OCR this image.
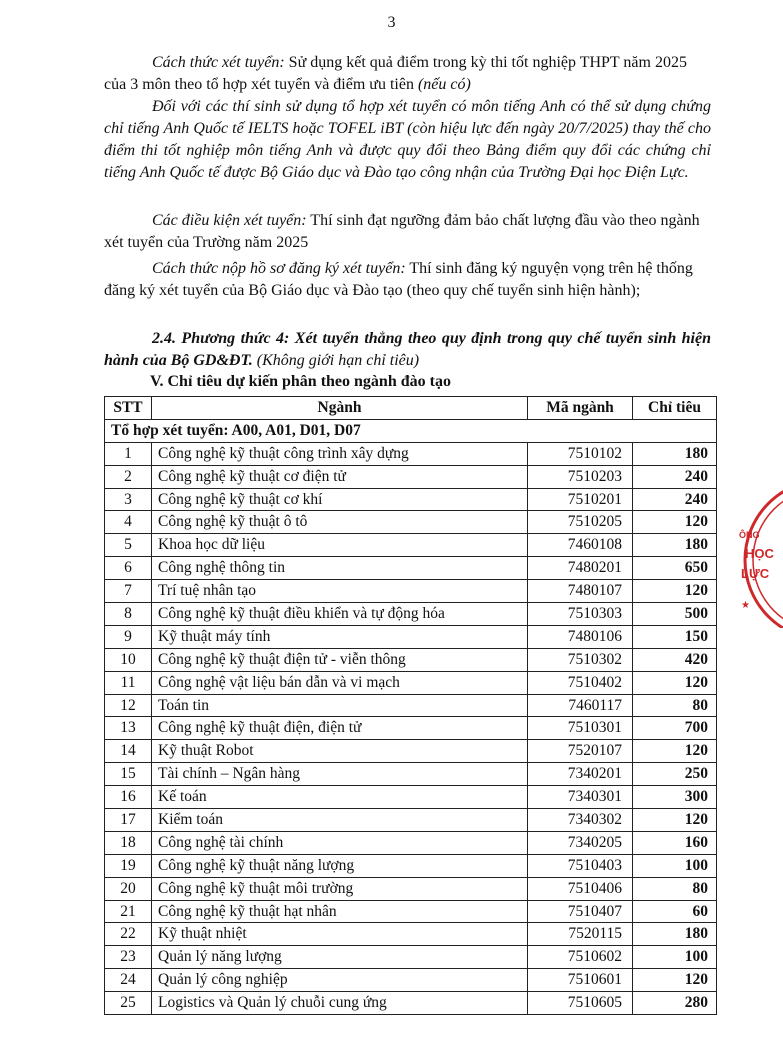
3

Cách thức xét tuyển: Sử dụng kết quả điểm trong kỳ thi tốt nghiệp THPT năm 2025 của 3 môn theo tổ hợp xét tuyển và điểm ưu tiên (nếu có)

Đối với các thí sinh sử dụng tổ hợp xét tuyển có môn tiếng Anh có thể sử dụng chứng chỉ tiếng Anh Quốc tế IELTS hoặc TOFEL iBT (còn hiệu lực đến ngày 20/7/2025) thay thế cho điểm thi tốt nghiệp môn tiếng Anh và được quy đổi theo Bảng điểm quy đổi các chứng chỉ tiếng Anh Quốc tế được Bộ Giáo dục và Đào tạo công nhận của Trường Đại học Điện Lực.

Các điều kiện xét tuyển: Thí sinh đạt ngưỡng đảm bảo chất lượng đầu vào theo ngành xét tuyển của Trường năm 2025

Cách thức nộp hồ sơ đăng ký xét tuyển: Thí sinh đăng ký nguyện vọng trên hệ thống đăng ký xét tuyển của Bộ Giáo dục và Đào tạo (theo quy chế tuyển sinh hiện hành);

2.4. Phương thức 4: Xét tuyển thẳng theo quy định trong quy chế tuyển sinh hiện hành của Bộ GD&ĐT. (Không giới hạn chỉ tiêu)

V. Chỉ tiêu dự kiến phân theo ngành đào tạo
STT	Ngành	Mã ngành	Chỉ tiêu
Tổ hợp xét tuyển: A00, A01, D01, D07			
1	Công nghệ kỹ thuật công trình xây dựng	7510102	180
2	Công nghệ kỹ thuật cơ điện tử	7510203	240
3	Công nghệ kỹ thuật cơ khí	7510201	240
4	Công nghệ kỹ thuật ô tô	7510205	120
5	Khoa học dữ liệu	7460108	180
6	Công nghệ thông tin	7480201	650
7	Trí tuệ nhân tạo	7480107	120
8	Công nghệ kỹ thuật điều khiển và tự động hóa	7510303	500
9	Kỹ thuật máy tính	7480106	150
10	Công nghệ kỹ thuật điện tử - viễn thông	7510302	420
11	Công nghệ vật liệu bán dẫn và vi mạch	7510402	120
12	Toán tin	7460117	80
13	Công nghệ kỹ thuật điện, điện tử	7510301	700
14	Kỹ thuật Robot	7520107	120
15	Tài chính – Ngân hàng	7340201	250
16	Kế toán	7340301	300
17	Kiểm toán	7340302	120
18	Công nghệ tài chính	7340205	160
19	Công nghệ kỹ thuật năng lượng	7510403	100
20	Công nghệ kỹ thuật môi trường	7510406	80
21	Công nghệ kỹ thuật hạt nhân	7510407	60
22	Kỹ thuật nhiệt	7520115	180
23	Quản lý năng lượng	7510602	100
24	Quản lý công nghiệp	7510601	120
25	Logistics và Quản lý chuỗi cung ứng	7510605	280
★
ÔNG
HỌC
LỰC
